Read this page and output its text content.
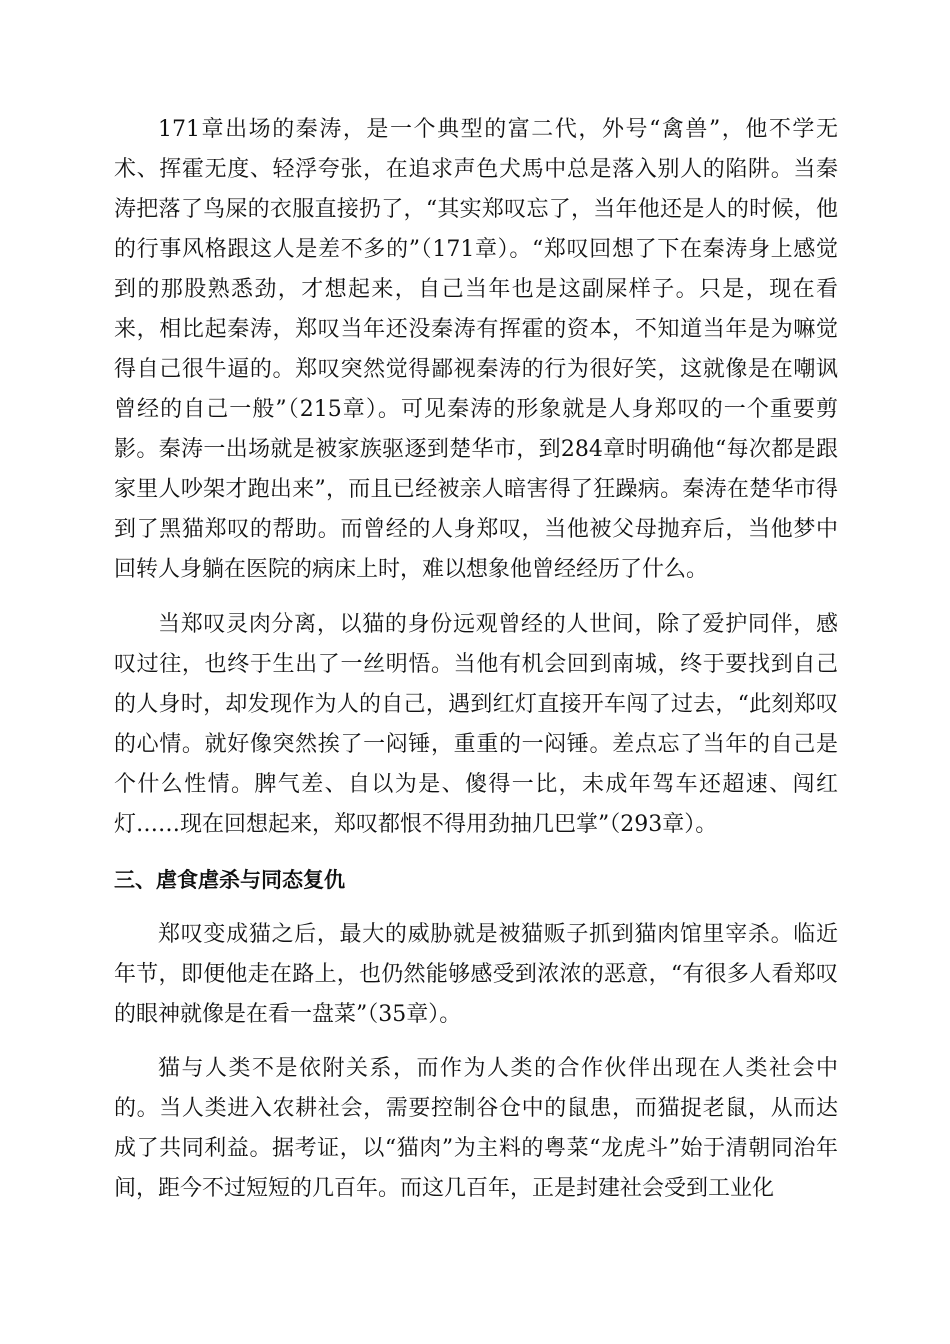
171章出场的秦涛，是一个典型的富二代，外号“禽兽”，他不学无术、挥霍无度、轻浮夸张，在追求声色犬馬中总是落入别人的陷阱。当秦涛把落了鸟屎的衣服直接扔了，“其实郑叹忘了，当年他还是人的时候，他的行事风格跟这人是差不多的”（171章）。“郑叹回想了下在秦涛身上感觉到的那股熟悉劲，才想起来，自己当年也是这副屎样子。只是，现在看来，相比起秦涛，郑叹当年还没秦涛有挥霍的资本，不知道当年是为嘛觉得自己很牛逼的。郑叹突然觉得鄙视秦涛的行为很好笑，这就像是在嘲讽曾经的自己一般”（215章）。可见秦涛的形象就是人身郑叹的一个重要剪影。秦涛一出场就是被家族驱逐到楚华市，到284章时明确他“每次都是跟家里人吵架才跑出来”，而且已经被亲人暗害得了狂躁病。秦涛在楚华市得到了黑猫郑叹的帮助。而曾经的人身郑叹，当他被父母抛弃后，当他梦中回转人身躺在医院的病床上时，难以想象他曾经经历了什么。

当郑叹灵肉分离，以猫的身份远观曾经的人世间，除了爱护同伴，感叹过往，也终于生出了一丝明悟。当他有机会回到南城，终于要找到自己的人身时，却发现作为人的自己，遇到红灯直接开车闯了过去，“此刻郑叹的心情。就好像突然挨了一闷锤，重重的一闷锤。差点忘了当年的自己是个什么性情。脾气差、自以为是、傻得一比，未成年驾车还超速、闯红灯……现在回想起来，郑叹都恨不得用劲抽几巴掌”（293章）。

三、虐食虐杀与同态复仇

郑叹变成猫之后，最大的威胁就是被猫贩子抓到猫肉馆里宰杀。临近年节，即便他走在路上，也仍然能够感受到浓浓的恶意，“有很多人看郑叹的眼神就像是在看一盘菜”（35章）。

猫与人类不是依附关系，而作为人类的合作伙伴出现在人类社会中的。当人类进入农耕社会，需要控制谷仓中的鼠患，而猫捉老鼠，从而达成了共同利益。据考证，以“猫肉”为主料的粤菜“龙虎斗”始于清朝同治年间，距今不过短短的几百年。而这几百年，正是封建社会受到工业化
